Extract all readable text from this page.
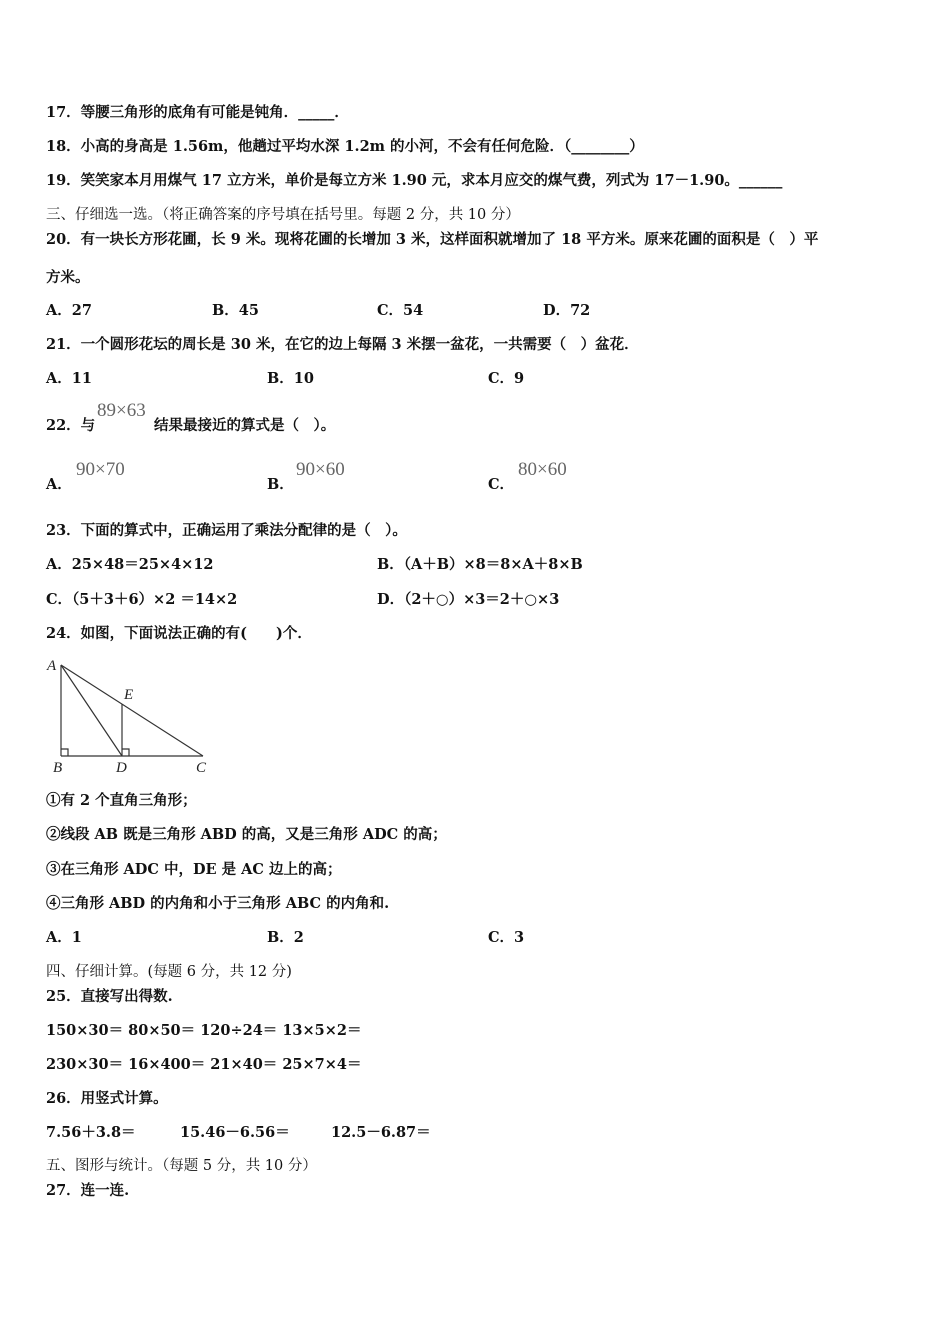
17．等腰三角形的底角有可能是钝角．_____．
18．小高的身高是 1.56m，他趟过平均水深 1.2m 的小河，不会有任何危险．（________）
19．笑笑家本月用煤气 17 立方米，单价是每立方米 1.90 元，求本月应交的煤气费，列式为 17－1.90。______
三、仔细选一选。（将正确答案的序号填在括号里。每题 2 分，共 10 分）
20．有一块长方形花圃，长 9 米。现将花圃的长增加 3 米，这样面积就增加了 18 平方米。原来花圃的面积是（　）平
方米。
A．27	B．45	C．54	D．72
21．一个圆形花坛的周长是 30 米，在它的边上每隔 3 米摆一盆花，一共需要（　）盆花．
A．11	B．10	C．9
22．与
89×63
结果最接近的算式是（　）。
A．
90×70
B．
90×60
C．
80×60
23．下面的算式中，正确运用了乘法分配律的是（　）。
A．25×48＝25×4×12	B．（A＋B）×8＝8×A＋8×B
C．（5＋3＋6）×2 ＝14×2	D．（2＋○）×3＝2＋○×3
24．如图，下面说法正确的有(　　)个．
A
E
B	D	C
①有 2 个直角三角形；
②线段 AB 既是三角形 ABD 的高，又是三角形 ADC 的高；
③在三角形 ADC 中，DE 是 AC 边上的高；
④三角形 ABD 的内角和小于三角形 ABC 的内角和.
A．1	B．2	C．3
四、仔细计算。(每题 6 分，共 12 分)
25．直接写出得数.
150×30＝ 80×50＝ 120÷24＝ 13×5×2＝
230×30＝ 16×400＝ 21×40＝ 25×7×4＝
26．用竖式计算。
7.56＋3.8＝	15.46－6.56＝	12.5－6.87＝
五、图形与统计。（每题 5 分，共 10 分）
27．连一连.
